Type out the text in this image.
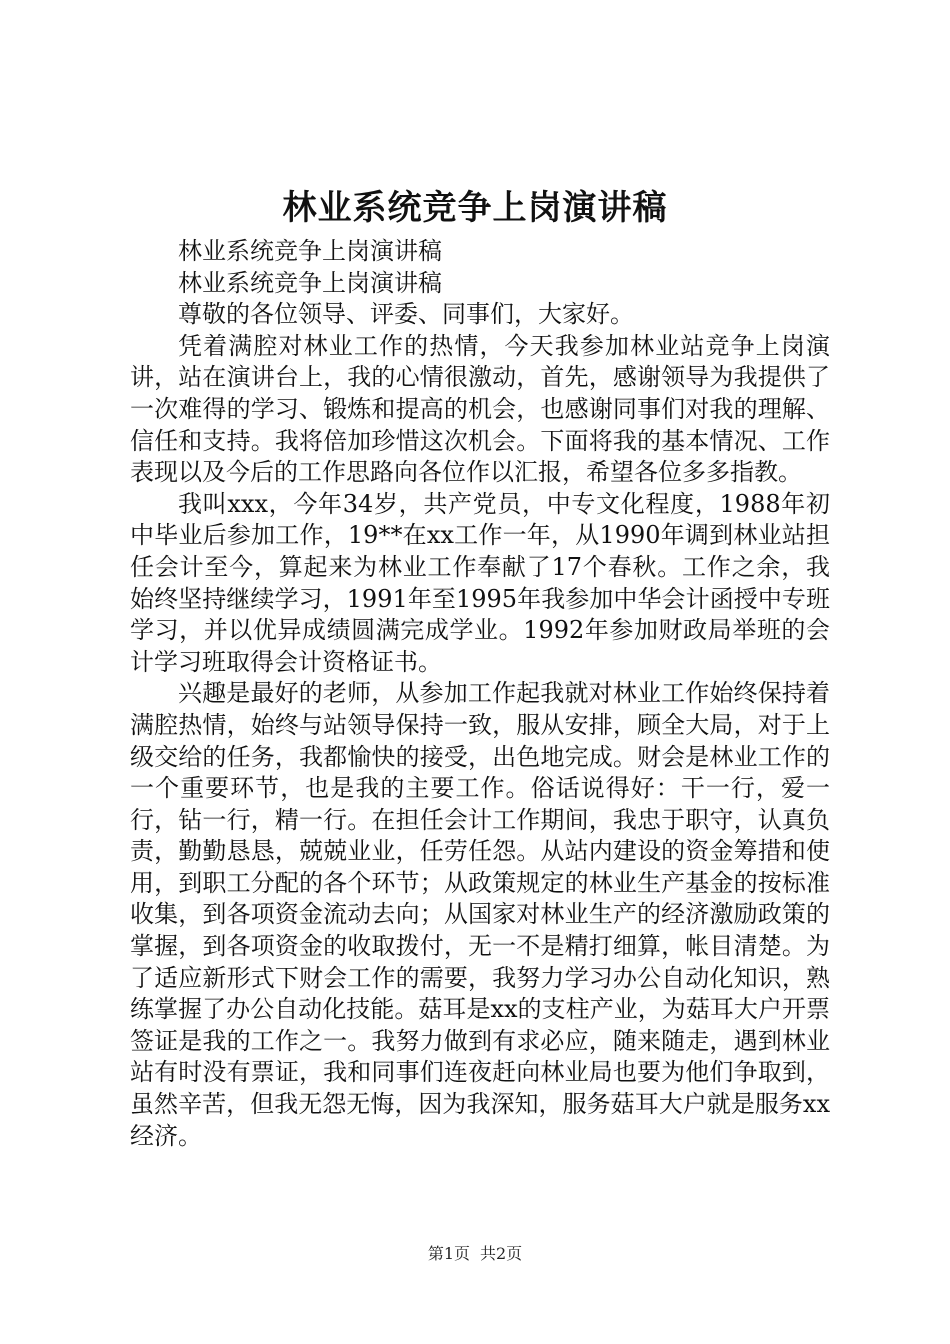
林业系统竞争上岗演讲稿

林业系统竞争上岗演讲稿

林业系统竞争上岗演讲稿

尊敬的各位领导、评委、同事们，大家好。

凭着满腔对林业工作的热情，今天我参加林业站竞争上岗演讲，站在演讲台上，我的心情很激动，首先，感谢领导为我提供了一次难得的学习、锻炼和提高的机会，也感谢同事们对我的理解、信任和支持。我将倍加珍惜这次机会。下面将我的基本情况、工作表现以及今后的工作思路向各位作以汇报，希望各位多多指教。

我叫xxx，今年34岁，共产党员，中专文化程度，1988年初中毕业后参加工作，19**在xx工作一年，从1990年调到林业站担任会计至今，算起来为林业工作奉献了17个春秋。工作之余，我始终坚持继续学习，1991年至1995年我参加中华会计函授中专班学习，并以优异成绩圆满完成学业。1992年参加财政局举班的会计学习班取得会计资格证书。

兴趣是最好的老师，从参加工作起我就对林业工作始终保持着满腔热情，始终与站领导保持一致，服从安排，顾全大局，对于上级交给的任务，我都愉快的接受，出色地完成。财会是林业工作的一个重要环节，也是我的主要工作。俗话说得好：干一行，爱一行，钻一行，精一行。在担任会计工作期间，我忠于职守，认真负责，勤勤恳恳，兢兢业业，任劳任怨。从站内建设的资金筹措和使用，到职工分配的各个环节；从政策规定的林业生产基金的按标准收集，到各项资金流动去向；从国家对林业生产的经济激励政策的掌握，到各项资金的收取拨付，无一不是精打细算，帐目清楚。为了适应新形式下财会工作的需要，我努力学习办公自动化知识，熟练掌握了办公自动化技能。菇耳是xx的支柱产业，为菇耳大户开票签证是我的工作之一。我努力做到有求必应，随来随走，遇到林业站有时没有票证，我和同事们连夜赶向林业局也要为他们争取到，虽然辛苦，但我无怨无悔，因为我深知，服务菇耳大户就是服务xx经济。

第1页 共2页
